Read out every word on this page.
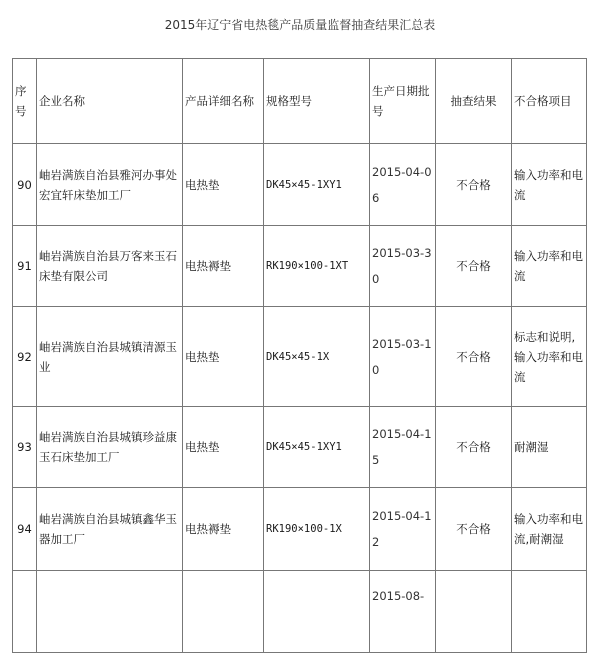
2015年辽宁省电热毯产品质量监督抽查结果汇总表
序号	企业名称	产品详细名称	规格型号	生产日期批号	抽查结果	不合格项目
90	岫岩满族自治县雅河办事处宏宜轩床垫加工厂	电热垫	DK45×45-1XY1	2015-04-06	不合格	输入功率和电流
91	岫岩满族自治县万客来玉石床垫有限公司	电热褥垫	RK190×100-1XT	2015-03-30	不合格	输入功率和电流
92	岫岩满族自治县城镇清源玉业	电热垫	DK45×45-1X	2015-03-10	不合格	标志和说明,输入功率和电流
93	岫岩满族自治县城镇珍益康玉石床垫加工厂	电热垫	DK45×45-1XY1	2015-04-15	不合格	耐潮湿
94	岫岩满族自治县城镇鑫华玉器加工厂	电热褥垫	RK190×100-1X	2015-04-12	不合格	输入功率和电流,耐潮湿
				2015-08-		
